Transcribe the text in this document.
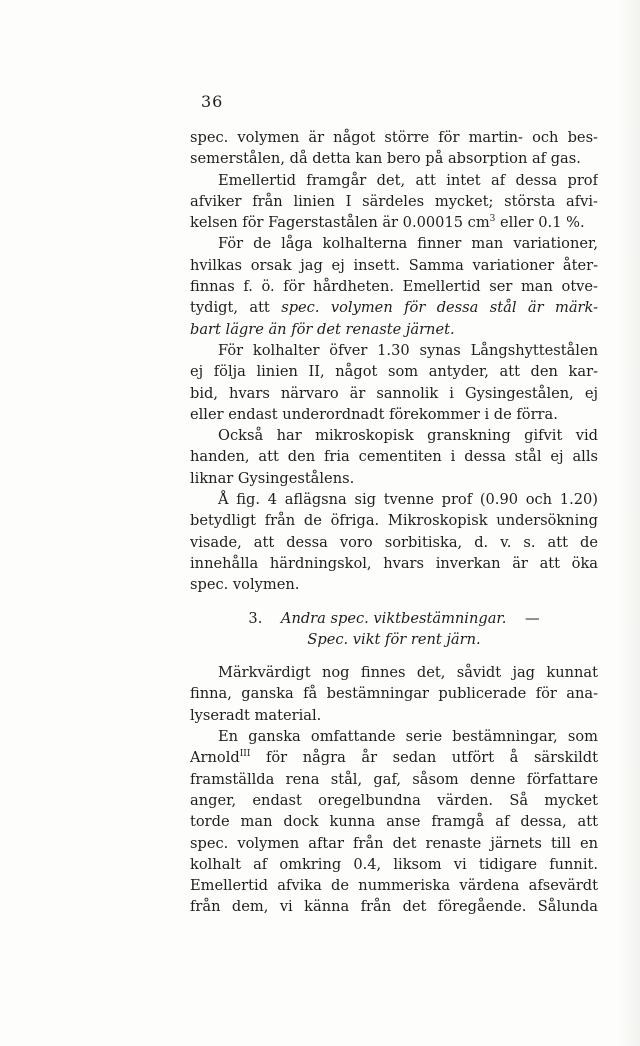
36
spec. volymen är något större för martin- och bes-
semerstålen, då detta kan bero på absorption af gas.
Emellertid framgår det, att intet af dessa prof
afviker från linien I särdeles mycket; största afvi-
kelsen för Fagerstastålen är 0.00015 $cm^3$ eller 0.1 %.
För de låga kolhalterna finner man variationer,
hvilkas orsak jag ej insett. Samma variationer åter-
finnas f. ö. för hårdheten. Emellertid ser man otve-
tydigt, att spec. volymen för dessa stål är märk-
bart lägre än för det renaste järnet.
För kolhalter öfver 1.30 synas Långshyttestålen
ej följa linien II, något som antyder, att den kar-
bid, hvars närvaro är sannolik i Gysingestålen, ej
eller endast underordnadt förekommer i de förra.
Också har mikroskopisk granskning gifvit vid
handen, att den fria cementiten i dessa stål ej alls
liknar Gysingestålens.
Å fig. 4 aflägsna sig tvenne prof (0.90 och 1.20)
betydligt från de öfriga. Mikroskopisk undersökning
visade, att dessa voro sorbitiska, d. v. s. att de
innehålla härdningskol, hvars inverkan är att öka
spec. volymen.
3. Andra spec. viktbestämningar. —
Spec. vikt för rent järn.
Märkvärdigt nog finnes det, såvidt jag kunnat
finna, ganska få bestämningar publicerade för ana-
lyseradt material.
En ganska omfattande serie bestämningar, som
Arnold$^{III}$ för några år sedan utfört å särskildt
framställda rena stål, gaf, såsom denne författare
anger, endast oregelbundna värden. Så mycket
torde man dock kunna anse framgå af dessa, att
spec. volymen aftar från det renaste järnets till en
kolhalt af omkring 0.4, liksom vi tidigare funnit.
Emellertid afvika de nummeriska värdena afsevärdt
från dem, vi känna från det föregående. Sålunda
